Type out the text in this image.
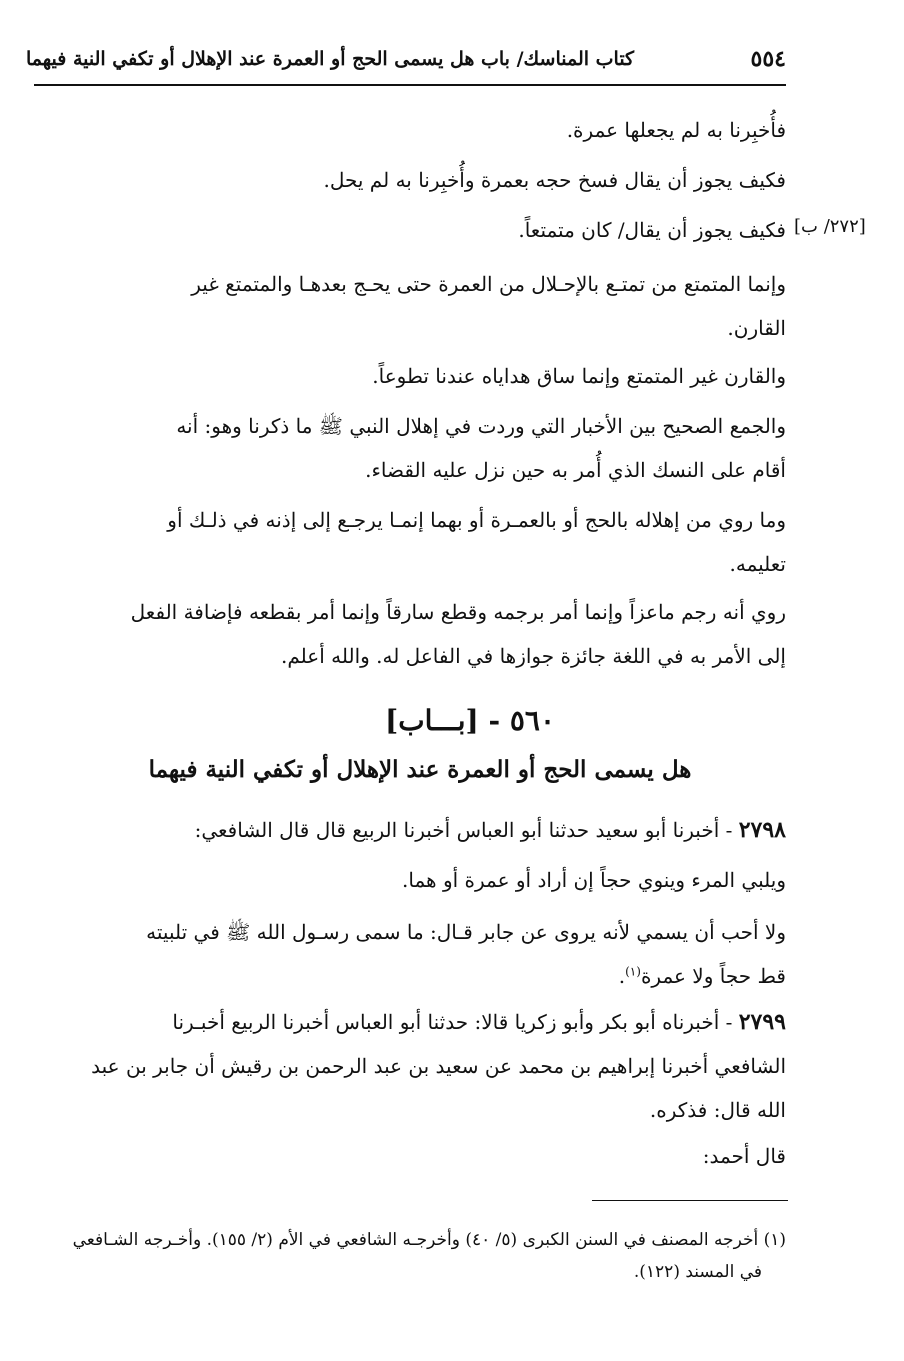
٥٥٤
كتاب المناسك/ باب هل يسمى الحج أو العمرة عند الإهلال أو تكفي النية فيهما
[٢٧٢/ ب]
فأُخبِرنا به لم يجعلها عمرة.
فكيف يجوز أن يقال فسخ حجه بعمرة وأُخبِرنا به لم يحل.
فكيف يجوز أن يقال/ كان متمتعاً.
وإنما المتمتع من تمتـع بالإحـلال من العمرة حتى يحـج بعدهـا والمتمتع غير
القارن.
والقارن غير المتمتع وإنما ساق هداياه عندنا تطوعاً.
والجمع الصحيح بين الأخبار التي وردت في إهلال النبي ﷺ ما ذكرنا وهو: أنه
أقام على النسك الذي أُمر به حين نزل عليه القضاء.
وما روي من إهلاله بالحج أو بالعمـرة أو بهما إنمـا يرجـع إلى إذنه في ذلـك أو
تعليمه.
روي أنه رجم ماعزاً وإنما أمر برجمه وقطع سارقاً وإنما أمر بقطعه فإضافة الفعل
إلى الأمر به في اللغة جائزة جوازها في الفاعل له. والله أعلم.
٥٦٠ - [بـــاب]
هل يسمى الحج أو العمرة عند الإهلال أو تكفي النية فيهما
٢٧٩٨ - أخبرنا أبو سعيد حدثنا أبو العباس أخبرنا الربيع قال قال الشافعي:
ويلبي المرء وينوي حجاً إن أراد أو عمرة أو هما.
ولا أحب أن يسمي لأنه يروى عن جابر قـال: ما سمى رسـول الله ﷺ في تلبيته
قط حجاً ولا عمرة$^{(١)}$.
٢٧٩٩ - أخبرناه أبو بكر وأبو زكريا قالا: حدثنا أبو العباس أخبرنا الربيع أخبـرنا
الشافعي أخبرنا إبراهيم بن محمد عن سعيد بن عبد الرحمن بن رقيش أن جابر بن عبد
الله قال: فذكره.
قال أحمد:
(١) أخرجه المصنف في السنن الكبرى (٥/ ٤٠) وأخرجـه الشافعي في الأم (٢/ ١٥٥). وأخـرجه الشـافعي
في المسند (١٢٢).
